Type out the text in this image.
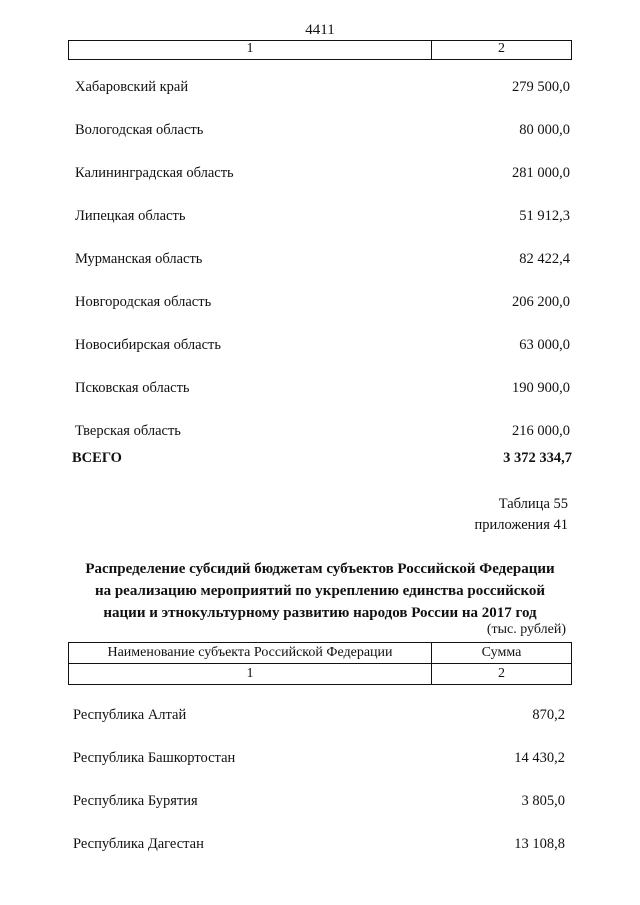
4411
1	2
Хабаровский край	279 500,0
Вологодская область	80 000,0
Калининградская область	281 000,0
Липецкая область	51 912,3
Мурманская область	82 422,4
Новгородская область	206 200,0
Новосибирская область	63 000,0
Псковская область	190 900,0
Тверская область	216 000,0
ВСЕГО	3 372 334,7
Таблица 55
приложения 41
Распределение субсидий бюджетам субъектов Российской Федерации
на реализацию мероприятий по укреплению единства российской
нации и этнокультурному развитию народов России на 2017 год
(тыс. рублей)
Наименование субъекта Российской Федерации	Сумма
1	2
Республика Алтай	870,2
Республика Башкортостан	14 430,2
Республика Бурятия	3 805,0
Республика Дагестан	13 108,8
